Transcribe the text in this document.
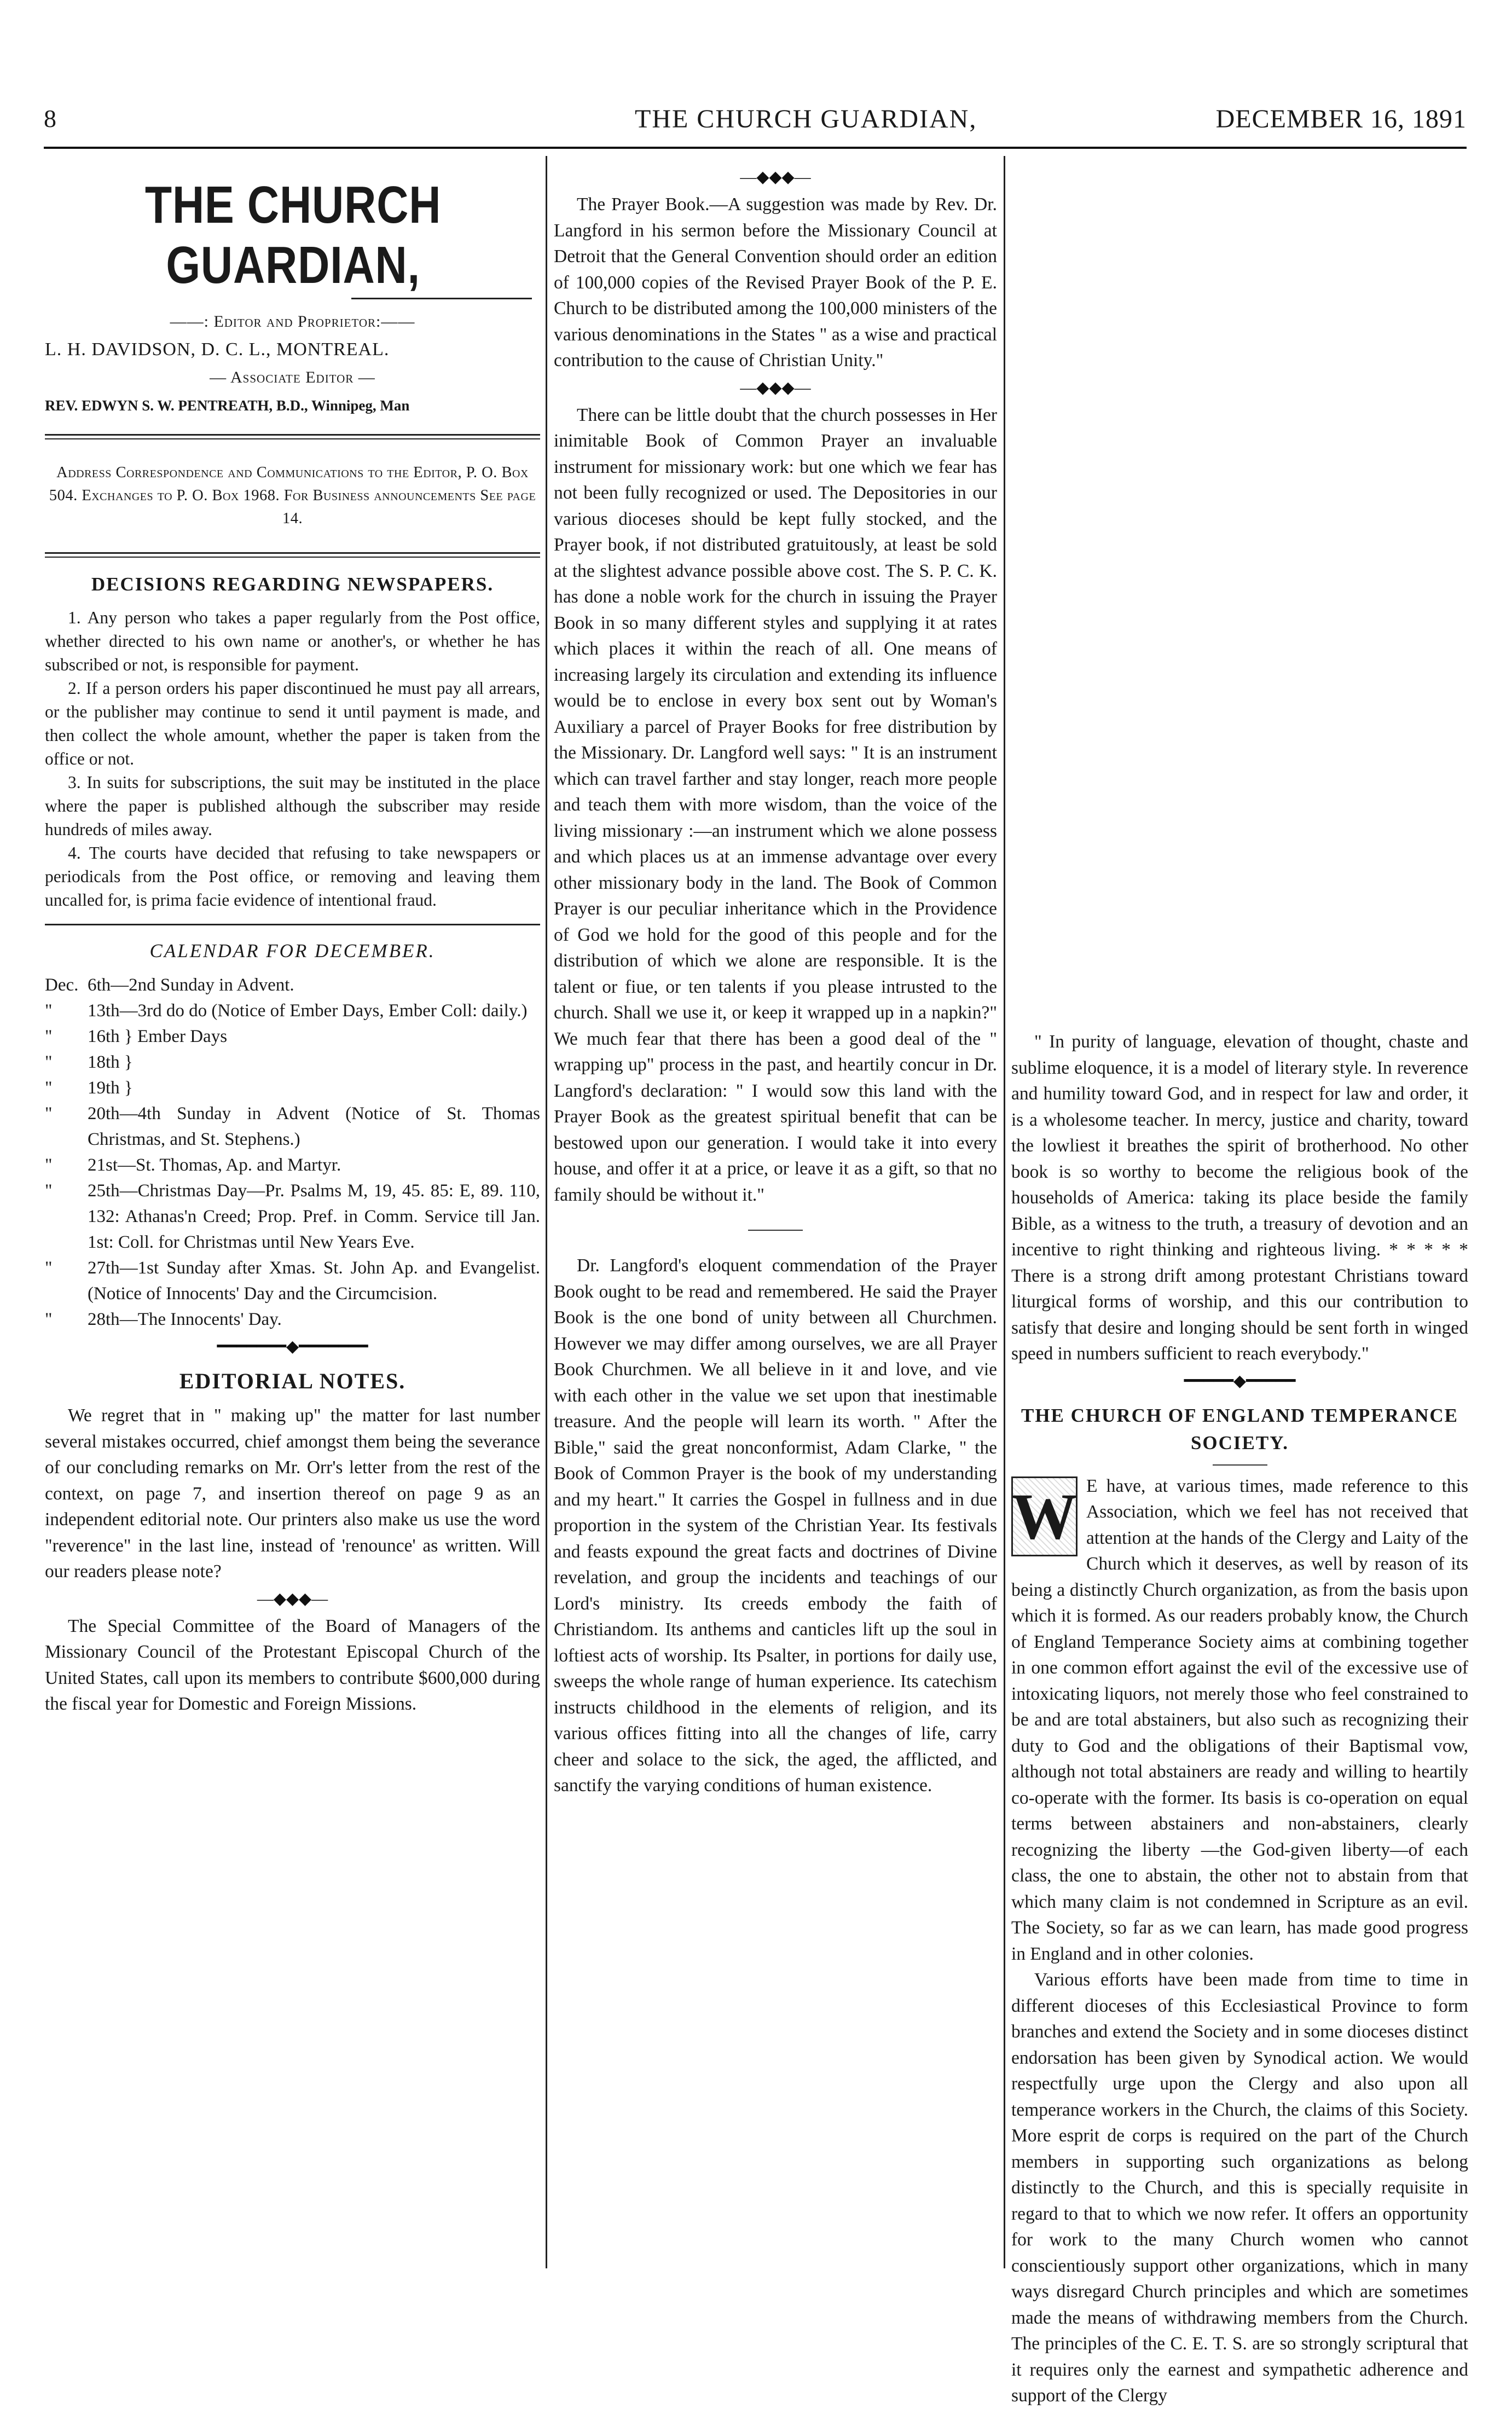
8	THE CHURCH GUARDIAN,	DECEMBER 16, 1891
THE CHURCH GUARDIAN,
——: Editor and Proprietor:——
L. H. DAVIDSON, D. C. L., MONTREAL.
— Associate Editor —
REV. EDWYN S. W. PENTREATH, B.D., Winnipeg, Man
Address Correspondence and Communications to the Editor, P. O. Box 504. Exchanges to P. O. Box 1968. For Business announcements See page 14.
DECISIONS REGARDING NEWSPAPERS.

1. Any person who takes a paper regularly from the Post office, whether directed to his own name or another's, or whether he has subscribed or not, is responsible for payment.

2. If a person orders his paper discontinued he must pay all arrears, or the publisher may continue to send it until payment is made, and then collect the whole amount, whether the paper is taken from the office or not.

3. In suits for subscriptions, the suit may be instituted in the place where the paper is published although the subscriber may reside hundreds of miles away.

4. The courts have decided that refusing to take newspapers or periodicals from the Post office, or removing and leaving them uncalled for, is prima facie evidence of intentional fraud.

CALENDAR FOR DECEMBER.
Dec. 6th—2nd Sunday in Advent.
"	13th—3rd do do (Notice of Ember Days, Ember Coll: daily.)
"	16th } Ember Days
"	18th }
"	19th }
"	20th—4th Sunday in Advent (Notice of St. Thomas Christmas, and St. Stephens.)
"	21st—St. Thomas, Ap. and Martyr.
"	25th—Christmas Day—Pr. Psalms M, 19, 45. 85: E, 89. 110, 132: Athanas'n Creed; Prop. Pref. in Comm. Service till Jan. 1st: Coll. for Christmas until New Years Eve.
"	27th—1st Sunday after Xmas. St. John Ap. and Evangelist. (Notice of Innocents' Day and the Circumcision.
"	28th—The Innocents' Day.
━━━━━━━◆━━━━━━━
EDITORIAL NOTES.

We regret that in " making up" the matter for last number several mistakes occurred, chief amongst them being the severance of our concluding remarks on Mr. Orr's letter from the rest of the context, on page 7, and insertion thereof on page 9 as an independent editorial note. Our printers also make us use the word "reverence" in the last line, instead of 'renounce' as written. Will our readers please note?

—◆◆◆—

The Special Committee of the Board of Managers of the Missionary Council of the Protestant Episcopal Church of the United States, call upon its members to contribute $600,000 during the fiscal year for Domestic and Foreign Missions.

—◆◆◆—

The Prayer Book.—A suggestion was made by Rev. Dr. Langford in his sermon before the Missionary Council at Detroit that the General Convention should order an edition of 100,000 copies of the Revised Prayer Book of the P. E. Church to be distributed among the 100,000 ministers of the various denominations in the States " as a wise and practical contribution to the cause of Christian Unity."

—◆◆◆—

There can be little doubt that the church possesses in Her inimitable Book of Common Prayer an invaluable instrument for missionary work: but one which we fear has not been fully recognized or used. The Depositories in our various dioceses should be kept fully stocked, and the Prayer book, if not distributed gratuitously, at least be sold at the slightest advance possible above cost. The S. P. C. K. has done a noble work for the church in issuing the Prayer Book in so many different styles and supplying it at rates which places it within the reach of all. One means of increasing largely its circulation and extending its influence would be to enclose in every box sent out by Woman's Auxiliary a parcel of Prayer Books for free distribution by the Missionary. Dr. Langford well says: " It is an instrument which can travel farther and stay longer, reach more people and teach them with more wisdom, than the voice of the living missionary :—an instrument which we alone possess and which places us at an immense advantage over every other missionary body in the land. The Book of Common Prayer is our peculiar inheritance which in the Providence of God we hold for the good of this people and for the distribution of which we alone are responsible. It is the talent or fiue, or ten talents if you please intrusted to the church. Shall we use it, or keep it wrapped up in a napkin?" We much fear that there has been a good deal of the " wrapping up" process in the past, and heartily concur in Dr. Langford's declaration: " I would sow this land with the Prayer Book as the greatest spiritual benefit that can be bestowed upon our generation. I would take it into every house, and offer it at a price, or leave it as a gift, so that no family should be without it."

Dr. Langford's eloquent commendation of the Prayer Book ought to be read and remembered. He said the Prayer Book is the one bond of unity between all Churchmen. However we may differ among ourselves, we are all Prayer Book Churchmen. We all believe in it and love, and vie with each other in the value we set upon that inestimable treasure. And the people will learn its worth. " After the Bible," said the great nonconformist, Adam Clarke, " the Book of Common Prayer is the book of my understanding and my heart." It carries the Gospel in fullness and in due proportion in the system of the Christian Year. Its festivals and feasts expound the great facts and doctrines of Divine revelation, and group the incidents and teachings of our Lord's ministry. Its creeds embody the faith of Christiandom. Its anthems and canticles lift up the soul in loftiest acts of worship. Its Psalter, in portions for daily use, sweeps the whole range of human experience. Its catechism instructs childhood in the elements of religion, and its various offices fitting into all the changes of life, carry cheer and solace to the sick, the aged, the afflicted, and sanctify the varying conditions of human existence.

" In purity of language, elevation of thought, chaste and sublime eloquence, it is a model of literary style. In reverence and humility toward God, and in respect for law and order, it is a wholesome teacher. In mercy, justice and charity, toward the lowliest it breathes the spirit of brotherhood. No other book is so worthy to become the religious book of the households of America: taking its place beside the family Bible, as a witness to the truth, a treasury of devotion and an incentive to right thinking and righteous living. * * * * * There is a strong drift among protestant Christians toward liturgical forms of worship, and this our contribution to satisfy that desire and longing should be sent forth in winged speed in numbers sufficient to reach everybody."

━━━━━◆━━━━━
THE CHURCH OF ENGLAND TEMPERANCE SOCIETY.
W E have, at various times, made reference to this Association, which we feel has not received that attention at the hands of the Clergy and Laity of the Church which it deserves, as well by reason of its being a distinctly Church organization, as from the basis upon which it is formed. As our readers probably know, the Church of England Temperance Society aims at combining together in one common effort against the evil of the excessive use of intoxicating liquors, not merely those who feel constrained to be and are total abstainers, but also such as recognizing their duty to God and the obligations of their Baptismal vow, although not total abstainers are ready and willing to heartily co-operate with the former. Its basis is co-operation on equal terms between abstainers and non-abstainers, clearly recognizing the liberty —the God-given liberty—of each class, the one to abstain, the other not to abstain from that which many claim is not condemned in Scripture as an evil. The Society, so far as we can learn, has made good progress in England and in other colonies.

Various efforts have been made from time to time in different dioceses of this Ecclesiastical Province to form branches and extend the Society and in some dioceses distinct endorsation has been given by Synodical action. We would respectfully urge upon the Clergy and also upon all temperance workers in the Church, the claims of this Society. More esprit de corps is required on the part of the Church members in supporting such organizations as belong distinctly to the Church, and this is specially requisite in regard to that to which we now refer. It offers an opportunity for work to the many Church women who cannot conscientiously support other organizations, which in many ways disregard Church principles and which are sometimes made the means of withdrawing members from the Church. The principles of the C. E. T. S. are so strongly scriptural that it requires only the earnest and sympathetic adherence and support of the Clergy
